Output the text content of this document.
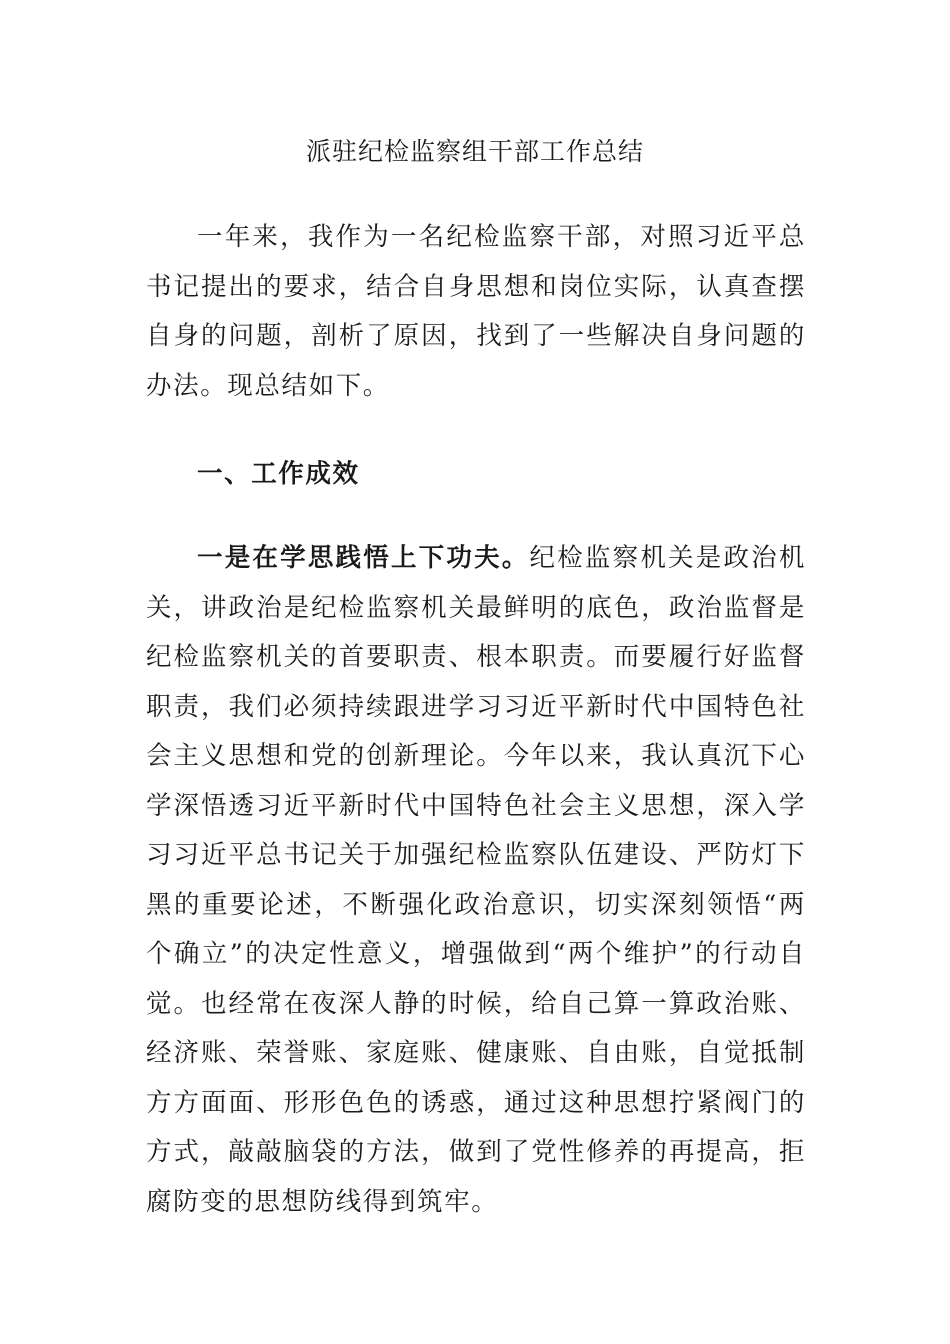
派驻纪检监察组干部工作总结

一年来，我作为一名纪检监察干部，对照习近平总书记提出的要求，结合自身思想和岗位实际，认真查摆自身的问题，剖析了原因，找到了一些解决自身问题的办法。现总结如下。

一、工作成效

一是在学思践悟上下功夫。纪检监察机关是政治机关，讲政治是纪检监察机关最鲜明的底色，政治监督是纪检监察机关的首要职责、根本职责。而要履行好监督职责，我们必须持续跟进学习习近平新时代中国特色社会主义思想和党的创新理论。今年以来，我认真沉下心学深悟透习近平新时代中国特色社会主义思想，深入学习习近平总书记关于加强纪检监察队伍建设、严防灯下黑的重要论述，不断强化政治意识，切实深刻领悟“两个确立”的决定性意义，增强做到“两个维护”的行动自觉。也经常在夜深人静的时候，给自己算一算政治账、经济账、荣誉账、家庭账、健康账、自由账，自觉抵制方方面面、形形色色的诱惑，通过这种思想拧紧阀门的方式，敲敲脑袋的方法，做到了党性修养的再提高，拒腐防变的思想防线得到筑牢。
